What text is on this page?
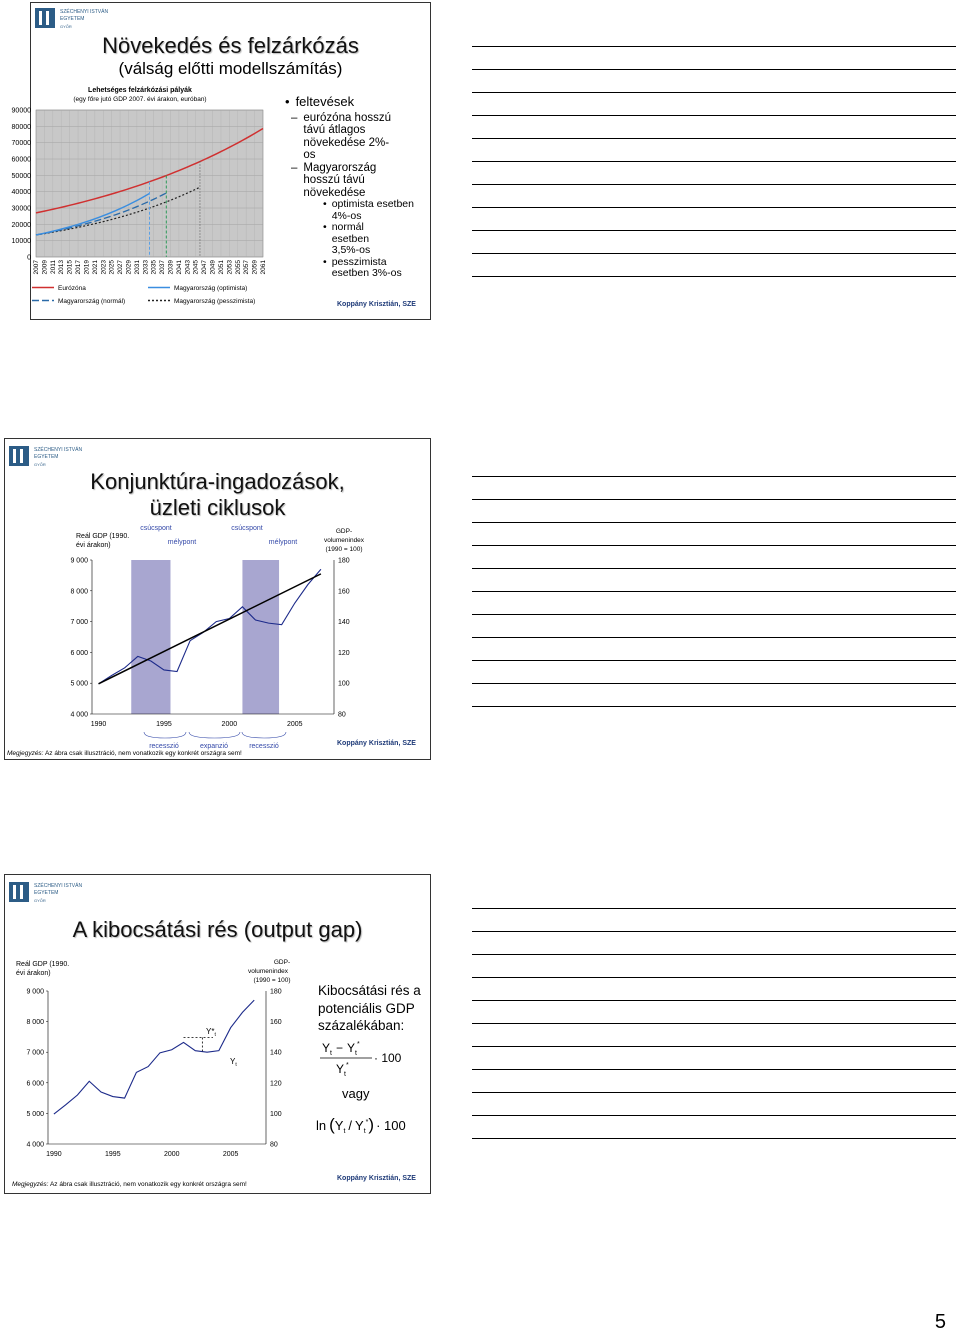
SZÉCHENYI ISTVÁN
EGYETEM
GYŐR
Növekedés és felzárkózás
(válság előtti modellszámítás)
Lehetséges felzárkózási pályák
(egy főre jutó GDP 2007. évi árakon, euróban)
0
10000
20000
30000
40000
50000
60000
70000
80000
90000
2007 2009 2011 2013 2015 2017 2019 2021 2023 2025 2027 2029 2031 2033 2035 2037 2039 2041 2043 2045 2047 2049 2051 2053 2055 2057 2059 2061
Eurózóna	Magyarország (optimista)
Magyarország (normál)	Magyarország (pesszimista)
• feltevések
– eurózóna hosszú távú átlagos növekedése 2%-os
– Magyarország hosszú távú növekedése
• optimista esetben 4%-os
• normál esetben 3,5%-os
• pesszimista esetben 3%-os
Koppány Krisztián, SZE
SZÉCHENYI ISTVÁN
EGYETEM
GYŐR
Konjunktúra-ingadozások,
üzleti ciklusok
Reál GDP (1990.
évi árakon)
GDP-
volumenindex
(1990 = 100)
csúcspont	csúcspont
mélypont	mélypont
recesszió	expanzió	recesszió
4 000	80
5 000	100
6 000	120
7 000	140
8 000	160
9 000	180
1990	1995	2000	2005
Megjegyzés: Az ábra csak illusztráció, nem vonatkozik egy konkrét országra sem!
Koppány Krisztián, SZE
SZÉCHENYI ISTVÁN
EGYETEM
GYŐR
A kibocsátási rés (output gap)
Reál GDP (1990.
évi árakon)
GDP-
volumenindex
(1990 = 100)
$Y*_t$
$Y_t$
4 000	80
5 000	100
6 000	120
7 000	140
8 000	160
9 000	180
1990	1995	2000	2005
Kibocsátási rés a
potenciális GDP
százalékában:
$Y_t - Y_t^*$
$Y_t^*$
· 100
vagy
$\ln (Y_t / Y_t^*) \cdot 100$
Megjegyzés: Az ábra csak illusztráció, nem vonatkozik egy konkrét országra sem!
Koppány Krisztián, SZE
5
